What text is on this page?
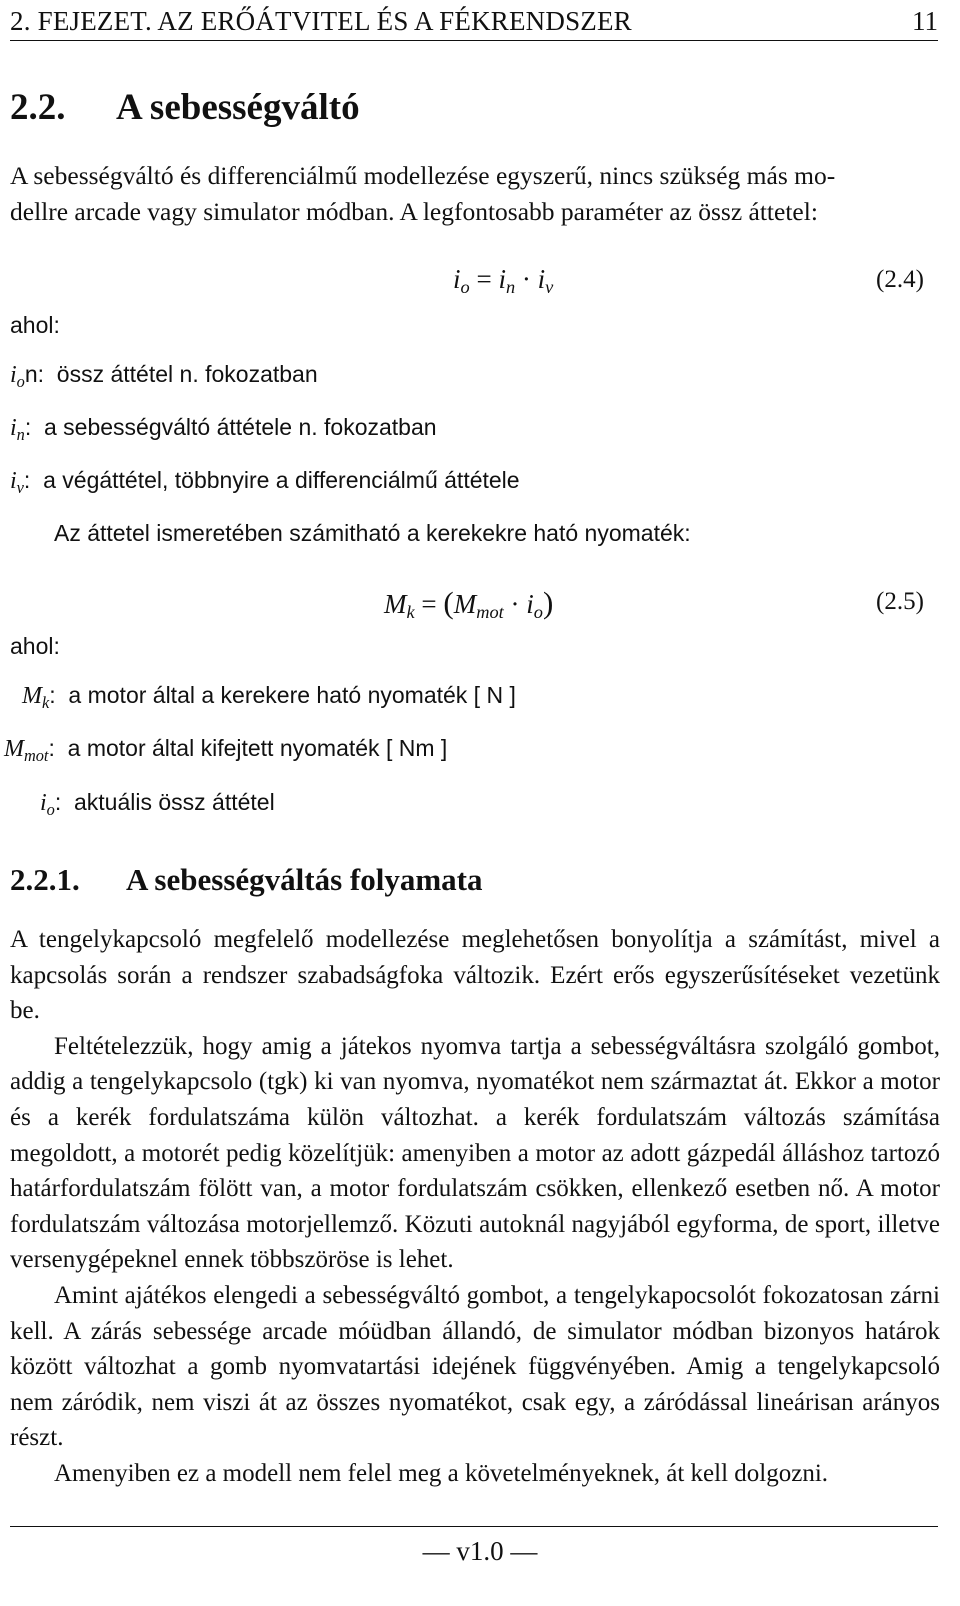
2. FEJEZET. AZ ERŐÁTVITEL ÉS A FÉKRENDSZER	11
2.2. A sebességváltó
A sebességváltó és differenciálmű modellezése egyszerű, nincs szükség más mo-
dellre arcade vagy simulator módban. A legfontosabb paraméter az össz áttetel:
$i_o = i_n \cdot i_v$	(2.4)
ahol:
$i_on$: össz áttétel n. fokozatban
$i_n$: a sebességváltó áttétele n. fokozatban
$i_v$: a végáttétel, többnyire a differenciálmű áttétele
Az áttetel ismeretében számitható a kerekekre ható nyomaték:
$M_k = (M_{mot} \cdot i_o)$	(2.5)
ahol:
$M_k$:  a motor által a kerekere ható nyomaték [ N ]
$M_{mot}$:  a motor által kifejtett nyomaték [ Nm ]
$i_o$:  aktuális össz áttétel
2.2.1. A sebességváltás folyamata

A tengelykapcsoló megfelelő modellezése meglehetősen bonyolítja a számítást, mivel a kapcsolás során a rendszer szabadságfoka változik. Ezért erős egyszerűsítéseket vezetünk be.

Feltételezzük, hogy amig a játekos nyomva tartja a sebességváltásra szolgáló gombot, addig a tengelykapcsolo (tgk) ki van nyomva, nyomatékot nem származtat át. Ekkor a motor és a kerék fordulatszáma külön változhat. a kerék fordulatszám változás számítása megoldott, a motorét pedig közelítjük: amenyiben a motor az adott gázpedál álláshoz tartozó határfordulatszám fölött van, a motor fordulatszám csökken, ellenkező esetben nő. A motor fordulatszám változása motorjellemző. Közuti autoknál nagyjából egyforma, de sport, illetve versenygépeknel ennek többszöröse is lehet.

Amint ajátékos elengedi a sebességváltó gombot, a tengelykapocsolót fokozatosan zárni kell. A zárás sebessége arcade móüdban állandó, de simulator módban bizonyos határok között változhat a gomb nyomvatartási idejének függvényében. Amig a tengelykapcsoló nem záródik, nem viszi át az összes nyomatékot, csak egy, a záródással lineárisan arányos részt.

Amenyiben ez a modell nem felel meg a követelményeknek, át kell dolgozni.

— v1.0 —
